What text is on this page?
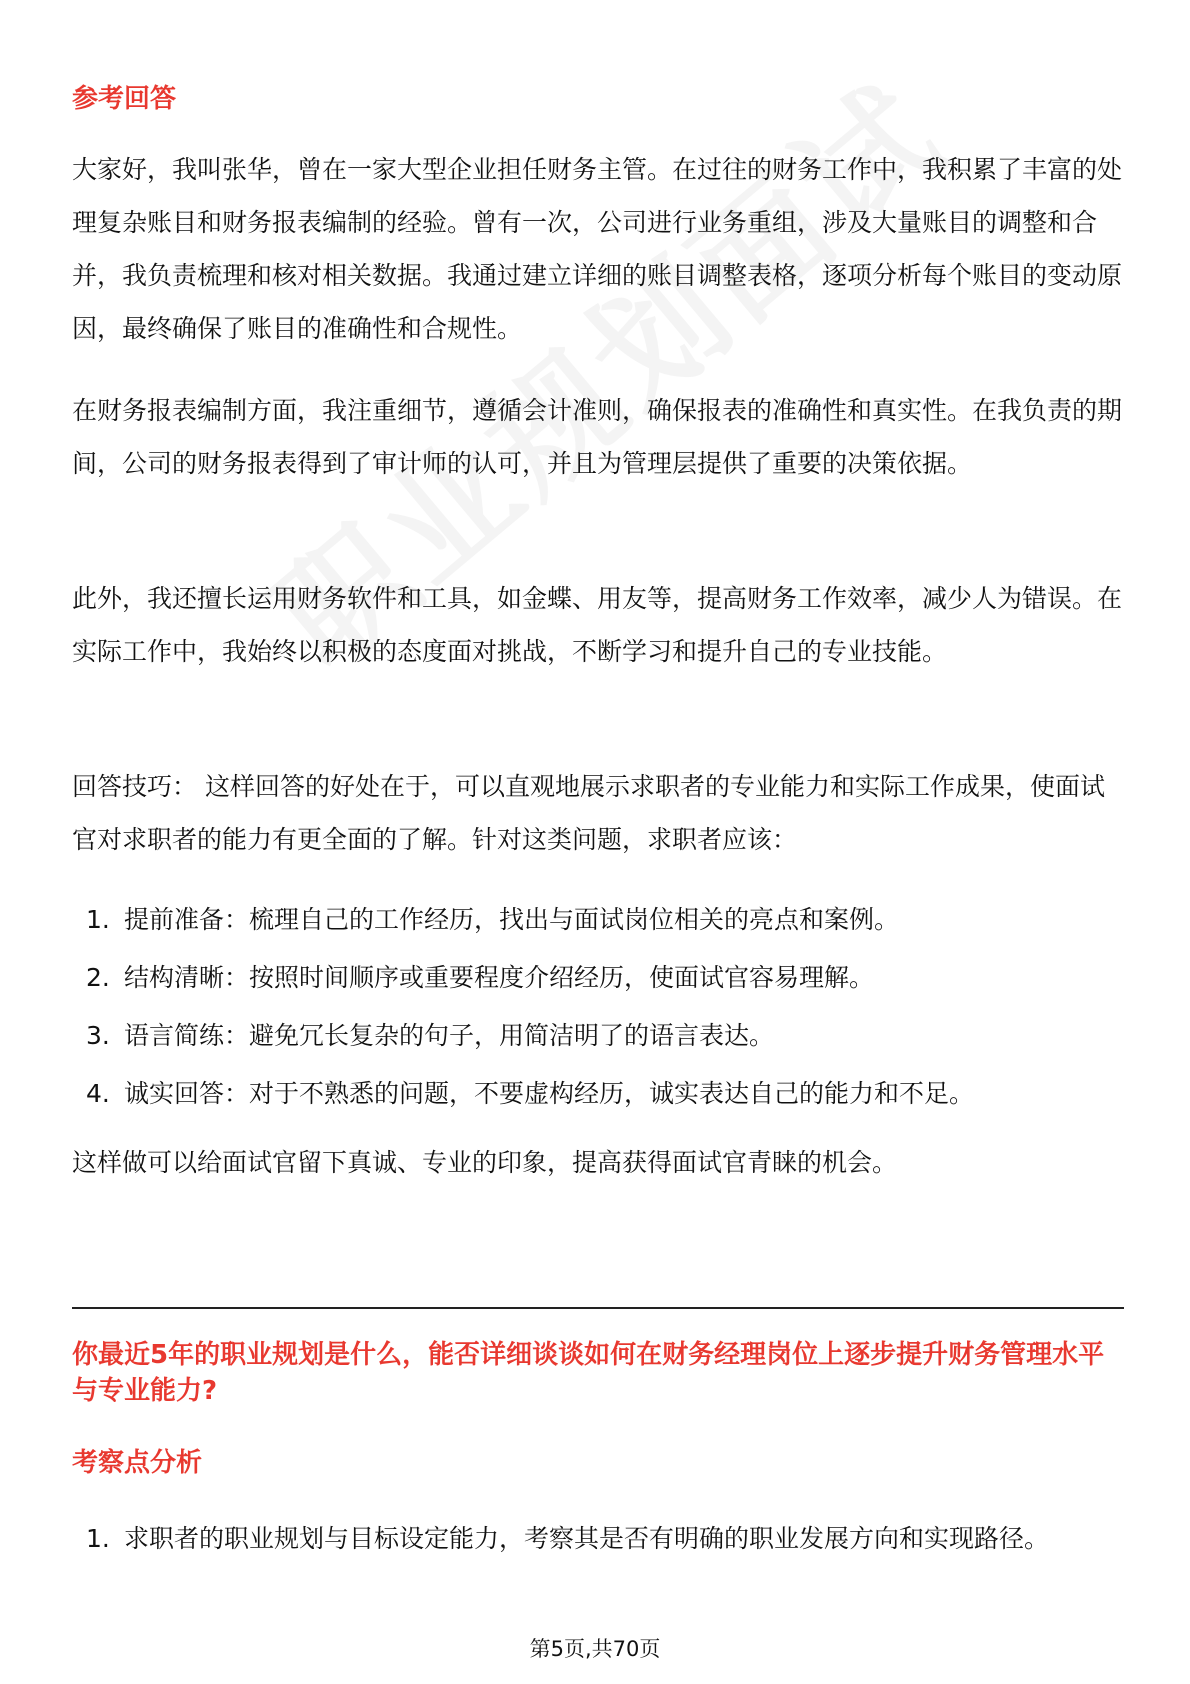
参考回答

大家好，我叫张华，曾在一家大型企业担任财务主管。在过往的财务工作中，我积累了丰富的处理复杂账目和财务报表编制的经验。曾有一次，公司进行业务重组，涉及大量账目的调整和合并，我负责梳理和核对相关数据。我通过建立详细的账目调整表格，逐项分析每个账目的变动原因，最终确保了账目的准确性和合规性。

在财务报表编制方面，我注重细节，遵循会计准则，确保报表的准确性和真实性。在我负责的期间，公司的财务报表得到了审计师的认可，并且为管理层提供了重要的决策依据。

此外，我还擅长运用财务软件和工具，如金蝶、用友等，提高财务工作效率，减少人为错误。在实际工作中，我始终以积极的态度面对挑战，不断学习和提升自己的专业技能。

回答技巧： 这样回答的好处在于，可以直观地展示求职者的专业能力和实际工作成果，使面试官对求职者的能力有更全面的了解。针对这类问题，求职者应该：

1. 提前准备：梳理自己的工作经历，找出与面试岗位相关的亮点和案例。
2. 结构清晰：按照时间顺序或重要程度介绍经历，使面试官容易理解。
3. 语言简练：避免冗长复杂的句子，用简洁明了的语言表达。
4. 诚实回答：对于不熟悉的问题，不要虚构经历，诚实表达自己的能力和不足。

这样做可以给面试官留下真诚、专业的印象，提高获得面试官青睐的机会。

你最近5年的职业规划是什么，能否详细谈谈如何在财务经理岗位上逐步提升财务管理水平与专业能力?
考察点分析
1. 求职者的职业规划与目标设定能力，考察其是否有明确的职业发展方向和实现路径。

第5页,共70页
